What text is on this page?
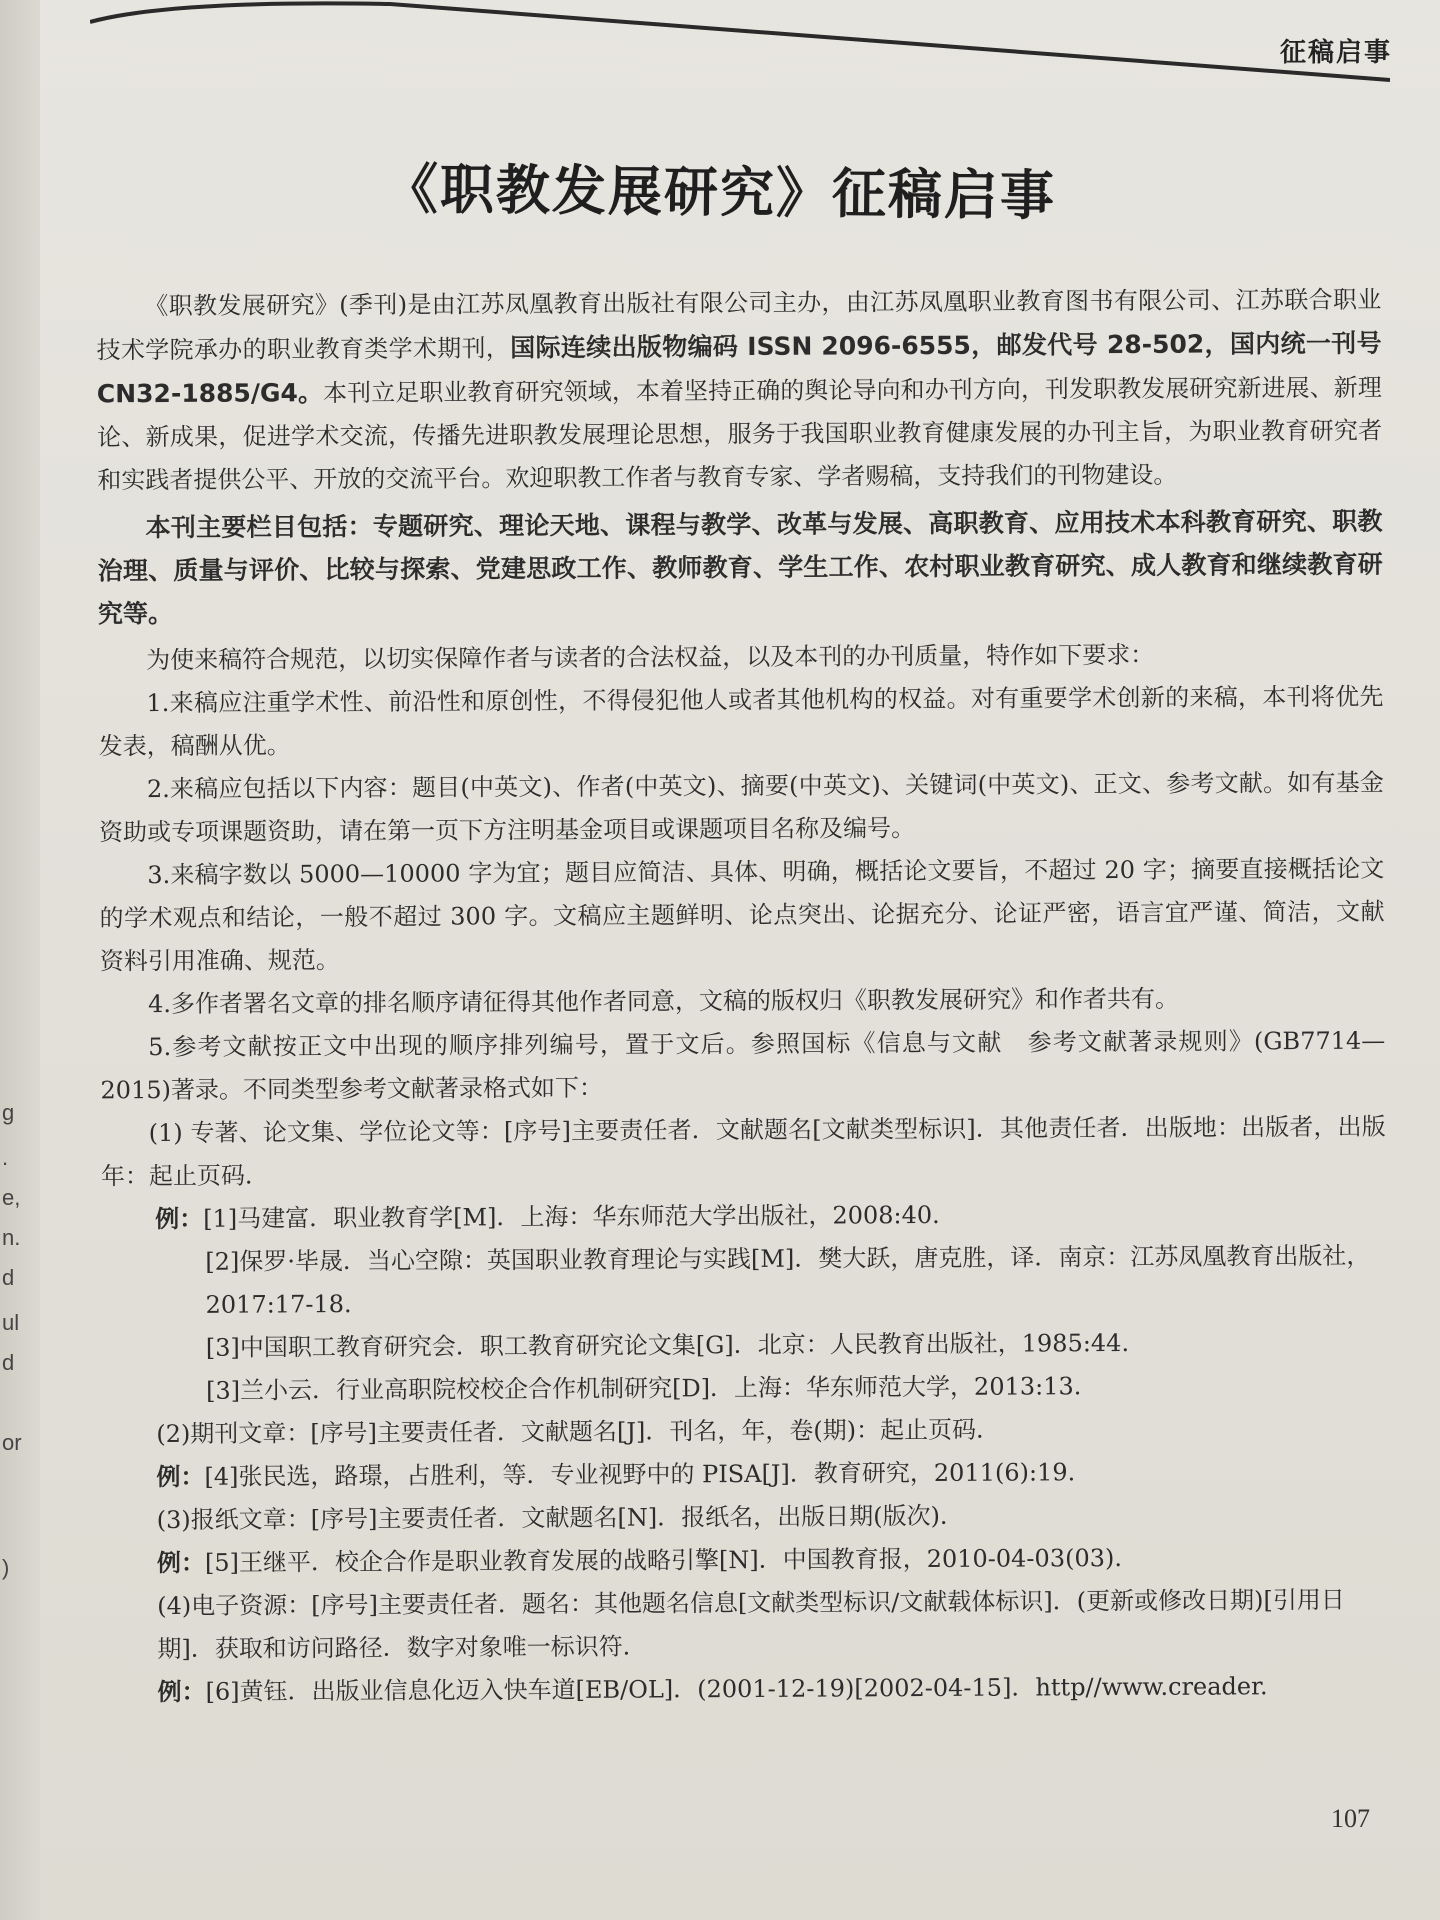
g
.
e,
n.
d
ul
d
or
)
征稿启事
《职教发展研究》征稿启事

《职教发展研究》(季刊)是由江苏凤凰教育出版社有限公司主办，由江苏凤凰职业教育图书有限公司、江苏联合职业技术学院承办的职业教育类学术期刊，国际连续出版物编码 ISSN 2096-6555，邮发代号 28-502，国内统一刊号 CN32-1885/G4。本刊立足职业教育研究领域，本着坚持正确的舆论导向和办刊方向，刊发职教发展研究新进展、新理论、新成果，促进学术交流，传播先进职教发展理论思想，服务于我国职业教育健康发展的办刊主旨，为职业教育研究者和实践者提供公平、开放的交流平台。欢迎职教工作者与教育专家、学者赐稿，支持我们的刊物建设。

本刊主要栏目包括：专题研究、理论天地、课程与教学、改革与发展、高职教育、应用技术本科教育研究、职教治理、质量与评价、比较与探索、党建思政工作、教师教育、学生工作、农村职业教育研究、成人教育和继续教育研究等。

为使来稿符合规范，以切实保障作者与读者的合法权益，以及本刊的办刊质量，特作如下要求：

1.来稿应注重学术性、前沿性和原创性，不得侵犯他人或者其他机构的权益。对有重要学术创新的来稿，本刊将优先发表，稿酬从优。

2.来稿应包括以下内容：题目(中英文)、作者(中英文)、摘要(中英文)、关键词(中英文)、正文、参考文献。如有基金资助或专项课题资助，请在第一页下方注明基金项目或课题项目名称及编号。

3.来稿字数以 5000—10000 字为宜；题目应简洁、具体、明确，概括论文要旨，不超过 20 字；摘要直接概括论文的学术观点和结论，一般不超过 300 字。文稿应主题鲜明、论点突出、论据充分、论证严密，语言宜严谨、简洁，文献资料引用准确、规范。

4.多作者署名文章的排名顺序请征得其他作者同意，文稿的版权归《职教发展研究》和作者共有。

5.参考文献按正文中出现的顺序排列编号，置于文后。参照国标《信息与文献　参考文献著录规则》(GB7714—2015)著录。不同类型参考文献著录格式如下：

(1) 专著、论文集、学位论文等：[序号]主要责任者．文献题名[文献类型标识]．其他责任者．出版地：出版者，出版年：起止页码．

例：[1]马建富．职业教育学[M]．上海：华东师范大学出版社，2008:40.

[2]保罗·毕晟．当心空隙：英国职业教育理论与实践[M]．樊大跃，唐克胜，译．南京：江苏凤凰教育出版社，2017:17-18.

[3]中国职工教育研究会．职工教育研究论文集[G]．北京：人民教育出版社，1985:44.

[3]兰小云．行业高职院校校企合作机制研究[D]．上海：华东师范大学，2013:13.

(2)期刊文章：[序号]主要责任者．文献题名[J]．刊名，年，卷(期)：起止页码．

例：[4]张民选，路璟，占胜利，等．专业视野中的 PISA[J]．教育研究，2011(6):19.

(3)报纸文章：[序号]主要责任者．文献题名[N]．报纸名，出版日期(版次)．

例：[5]王继平．校企合作是职业教育发展的战略引擎[N]．中国教育报，2010-04-03(03).

(4)电子资源：[序号]主要责任者．题名：其他题名信息[文献类型标识/文献载体标识]．(更新或修改日期)[引用日期]．获取和访问路径．数字对象唯一标识符．

例：[6]黄钰．出版业信息化迈入快车道[EB/OL]．(2001-12-19)[2002-04-15]．http//www.creader.

107
